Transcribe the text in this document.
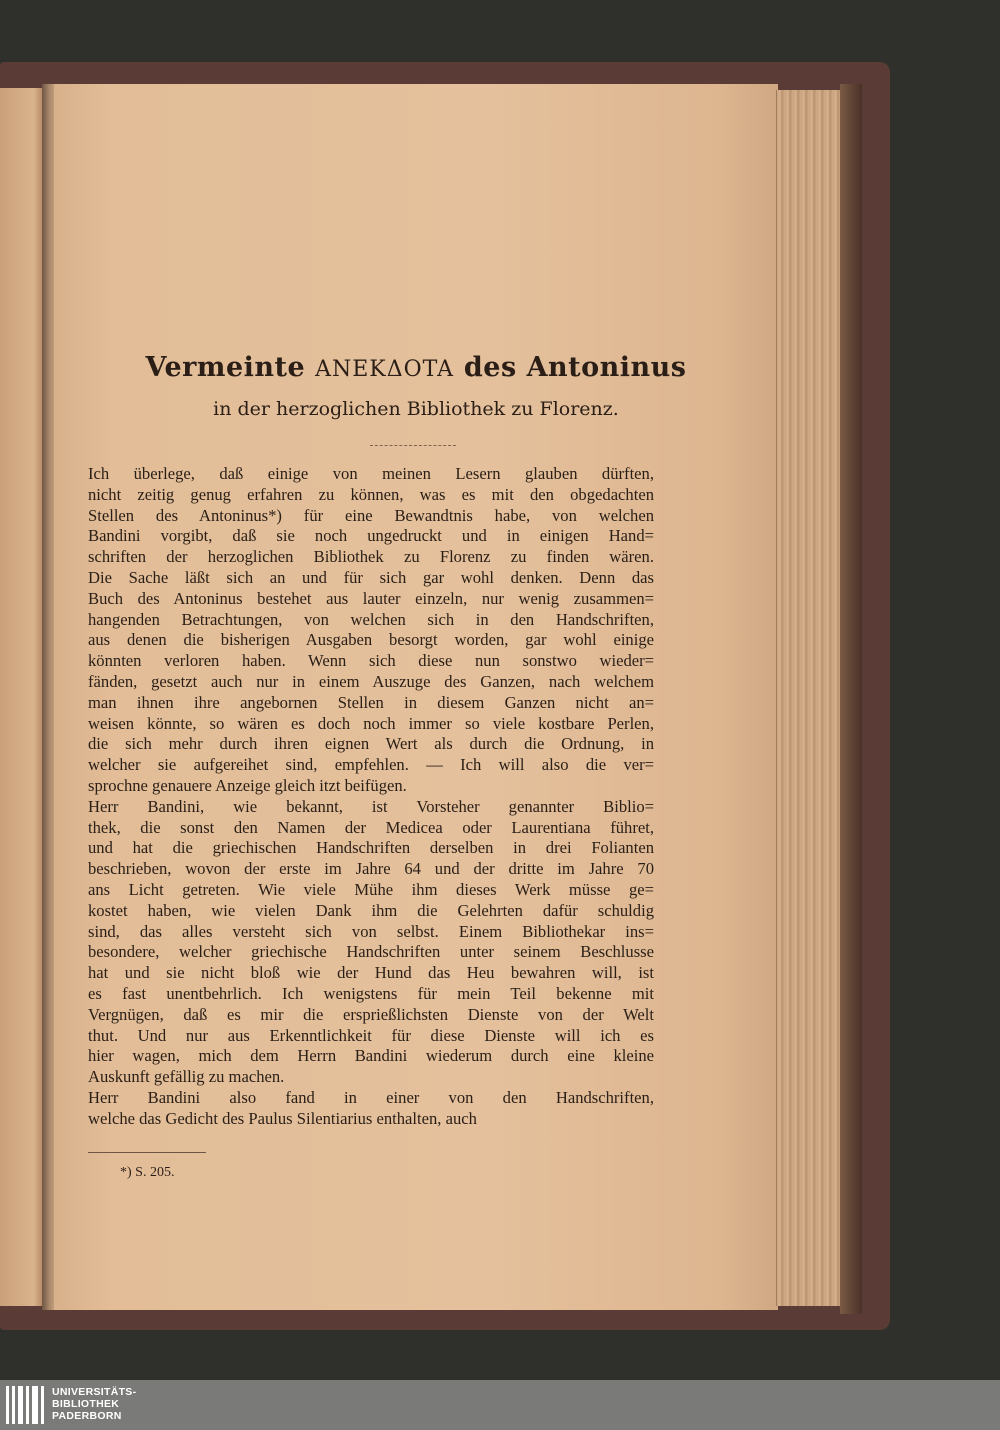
Vermeinte ANEKΔOTA des Antoninus
in der herzoglichen Bibliothek zu Florenz.
Ich überlege, daß einige von meinen Lesern glauben dürften,
nicht zeitig genug erfahren zu können, was es mit den obgedachten
Stellen des Antoninus*) für eine Bewandtnis habe, von welchen
Bandini vorgibt, daß sie noch ungedruckt und in einigen Hand=
schriften der herzoglichen Bibliothek zu Florenz zu finden wären.
Die Sache läßt sich an und für sich gar wohl denken. Denn das
Buch des Antoninus bestehet aus lauter einzeln, nur wenig zusammen=
hangenden Betrachtungen, von welchen sich in den Handschriften,
aus denen die bisherigen Ausgaben besorgt worden, gar wohl einige
könnten verloren haben. Wenn sich diese nun sonstwo wieder=
fänden, gesetzt auch nur in einem Auszuge des Ganzen, nach welchem
man ihnen ihre angebornen Stellen in diesem Ganzen nicht an=
weisen könnte, so wären es doch noch immer so viele kostbare Perlen,
die sich mehr durch ihren eignen Wert als durch die Ordnung, in
welcher sie aufgereihet sind, empfehlen. — Ich will also die ver=
sprochne genauere Anzeige gleich itzt beifügen.
Herr Bandini, wie bekannt, ist Vorsteher genannter Biblio=
thek, die sonst den Namen der Medicea oder Laurentiana führet,
und hat die griechischen Handschriften derselben in drei Folianten
beschrieben, wovon der erste im Jahre 64 und der dritte im Jahre 70
ans Licht getreten. Wie viele Mühe ihm dieses Werk müsse ge=
kostet haben, wie vielen Dank ihm die Gelehrten dafür schuldig
sind, das alles versteht sich von selbst. Einem Bibliothekar ins=
besondere, welcher griechische Handschriften unter seinem Beschlusse
hat und sie nicht bloß wie der Hund das Heu bewahren will, ist
es fast unentbehrlich. Ich wenigstens für mein Teil bekenne mit
Vergnügen, daß es mir die ersprießlichsten Dienste von der Welt
thut. Und nur aus Erkenntlichkeit für diese Dienste will ich es
hier wagen, mich dem Herrn Bandini wiederum durch eine kleine
Auskunft gefällig zu machen.
Herr Bandini also fand in einer von den Handschriften,
welche das Gedicht des Paulus Silentiarius enthalten, auch
*) S. 205.
UNIVERSITÄTS-
BIBLIOTHEK
PADERBORN
